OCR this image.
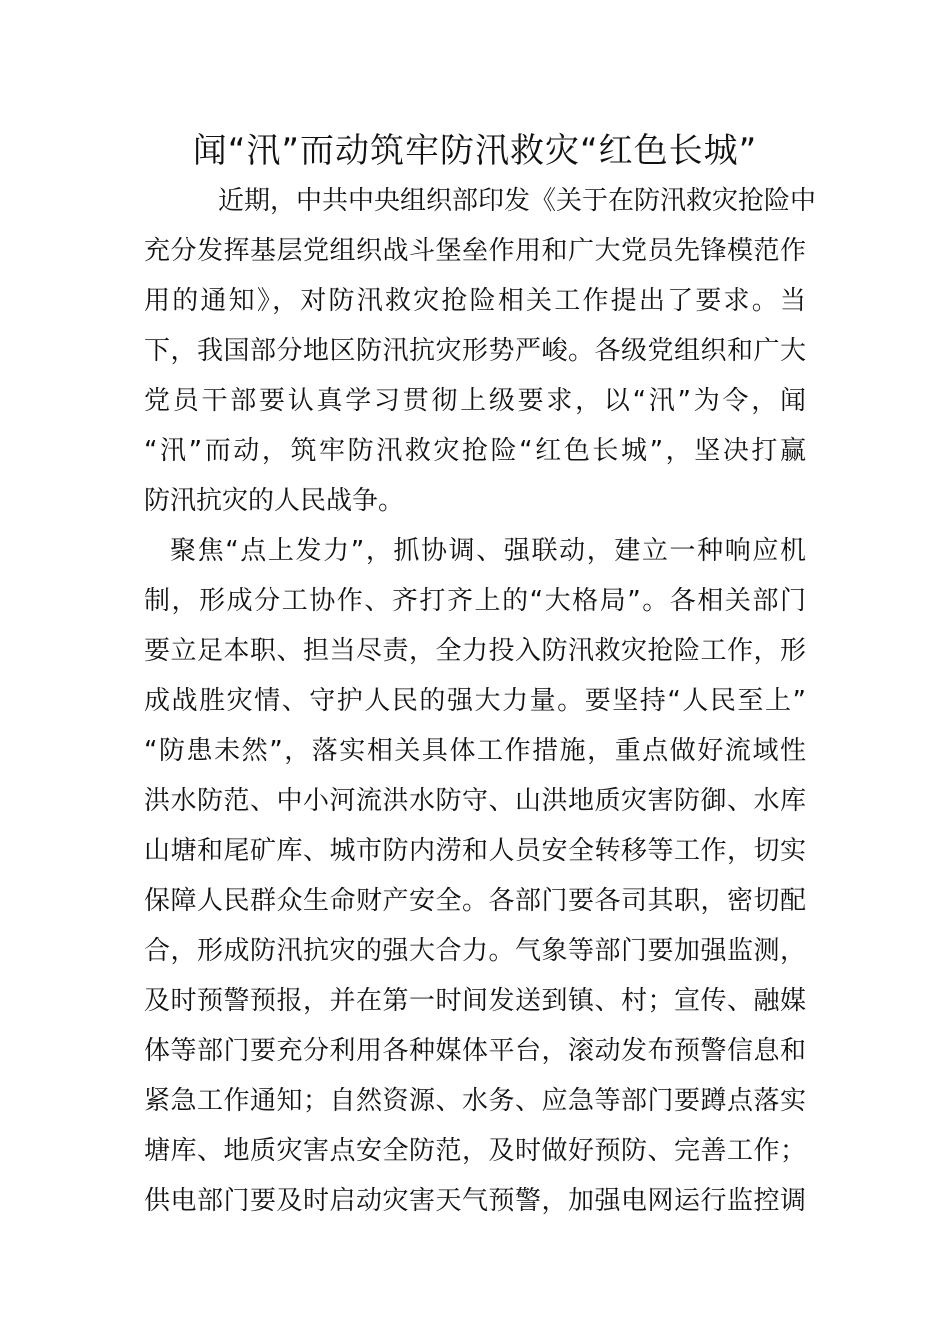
闻“汛”而动筑牢防汛救灾“红色长城”
近期，中共中央组织部印发《关于在防汛救灾抢险中
充分发挥基层党组织战斗堡垒作用和广大党员先锋模范作
用的通知》，对防汛救灾抢险相关工作提出了要求。当
下，我国部分地区防汛抗灾形势严峻。各级党组织和广大
党员干部要认真学习贯彻上级要求，以“汛”为令，闻
“汛”而动，筑牢防汛救灾抢险“红色长城”，坚决打赢
防汛抗灾的人民战争。
聚焦“点上发力”，抓协调、强联动，建立一种响应机
制，形成分工协作、齐打齐上的“大格局”。各相关部门
要立足本职、担当尽责，全力投入防汛救灾抢险工作，形
成战胜灾情、守护人民的强大力量。要坚持“人民至上”
“防患未然”，落实相关具体工作措施，重点做好流域性
洪水防范、中小河流洪水防守、山洪地质灾害防御、水库
山塘和尾矿库、城市防内涝和人员安全转移等工作，切实
保障人民群众生命财产安全。各部门要各司其职，密切配
合，形成防汛抗灾的强大合力。气象等部门要加强监测，
及时预警预报，并在第一时间发送到镇、村；宣传、融媒
体等部门要充分利用各种媒体平台，滚动发布预警信息和
紧急工作通知；自然资源、水务、应急等部门要蹲点落实
塘库、地质灾害点安全防范，及时做好预防、完善工作；
供电部门要及时启动灾害天气预警，加强电网运行监控调
